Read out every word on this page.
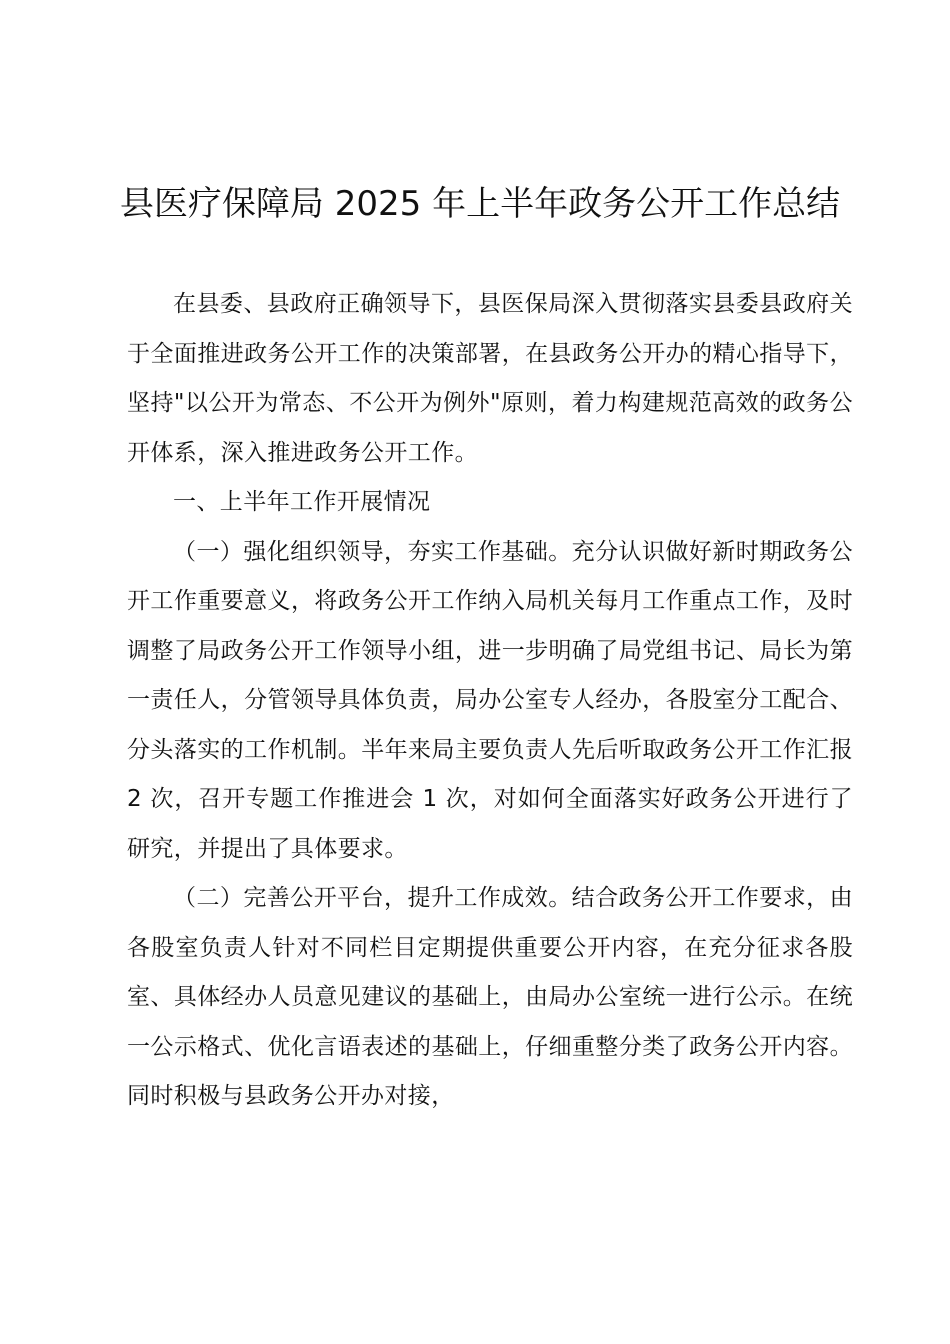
县医疗保障局 2025 年上半年政务公开工作总结

在县委、县政府正确领导下，县医保局深入贯彻落实县委县政府关于全面推进政务公开工作的决策部署，在县政务公开办的精心指导下，坚持"以公开为常态、不公开为例外"原则，着力构建规范高效的政务公开体系，深入推进政务公开工作。

一、上半年工作开展情况

（一）强化组织领导，夯实工作基础。充分认识做好新时期政务公开工作重要意义，将政务公开工作纳入局机关每月工作重点工作，及时调整了局政务公开工作领导小组，进一步明确了局党组书记、局长为第一责任人，分管领导具体负责，局办公室专人经办，各股室分工配合、分头落实的工作机制。半年来局主要负责人先后听取政务公开工作汇报 2 次，召开专题工作推进会 1 次，对如何全面落实好政务公开进行了研究，并提出了具体要求。

（二）完善公开平台，提升工作成效。结合政务公开工作要求，由各股室负责人针对不同栏目定期提供重要公开内容，在充分征求各股室、具体经办人员意见建议的基础上，由局办公室统一进行公示。在统一公示格式、优化言语表述的基础上，仔细重整分类了政务公开内容。同时积极与县政务公开办对接，
